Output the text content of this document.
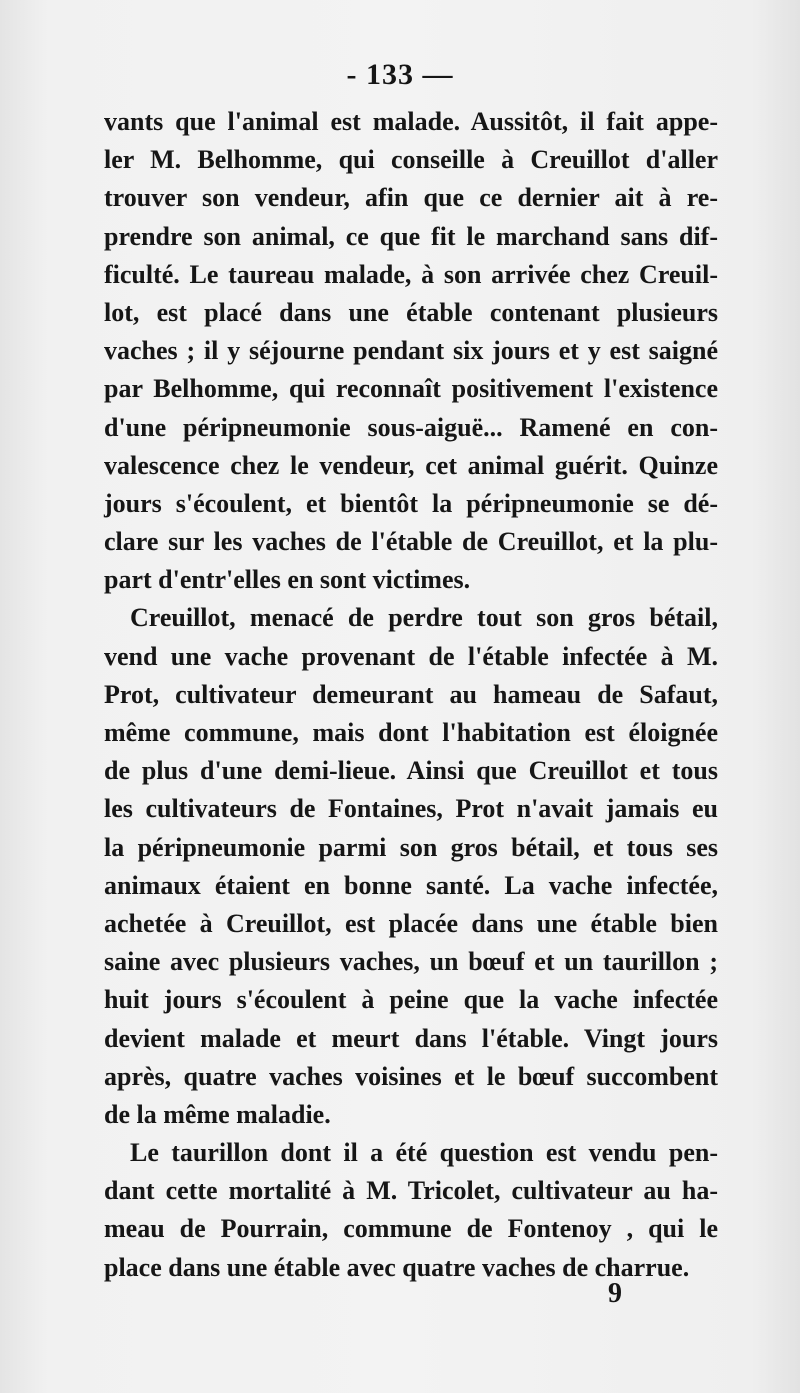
- 133 —
vants que l'animal est malade. Aussitôt, il fait appe-
ler M. Belhomme, qui conseille à Creuillot d'aller
trouver son vendeur, afin que ce dernier ait à re-
prendre son animal, ce que fit le marchand sans dif-
ficulté. Le taureau malade, à son arrivée chez Creuil-
lot, est placé dans une étable contenant plusieurs
vaches ; il y séjourne pendant six jours et y est saigné
par Belhomme, qui reconnaît positivement l'existence
d'une péripneumonie sous-aiguë... Ramené en con-
valescence chez le vendeur, cet animal guérit. Quinze
jours s'écoulent, et bientôt la péripneumonie se dé-
clare sur les vaches de l'étable de Creuillot, et la plu-
part d'entr'elles en sont victimes.
Creuillot, menacé de perdre tout son gros bétail,
vend une vache provenant de l'étable infectée à M.
Prot, cultivateur demeurant au hameau de Safaut,
même commune, mais dont l'habitation est éloignée
de plus d'une demi-lieue. Ainsi que Creuillot et tous
les cultivateurs de Fontaines, Prot n'avait jamais eu
la péripneumonie parmi son gros bétail, et tous ses
animaux étaient en bonne santé. La vache infectée,
achetée à Creuillot, est placée dans une étable bien
saine avec plusieurs vaches, un bœuf et un taurillon ;
huit jours s'écoulent à peine que la vache infectée
devient malade et meurt dans l'étable. Vingt jours
après, quatre vaches voisines et le bœuf succombent
de la même maladie.
Le taurillon dont il a été question est vendu pen-
dant cette mortalité à M. Tricolet, cultivateur au ha-
meau de Pourrain, commune de Fontenoy , qui le
place dans une étable avec quatre vaches de charrue.
9
